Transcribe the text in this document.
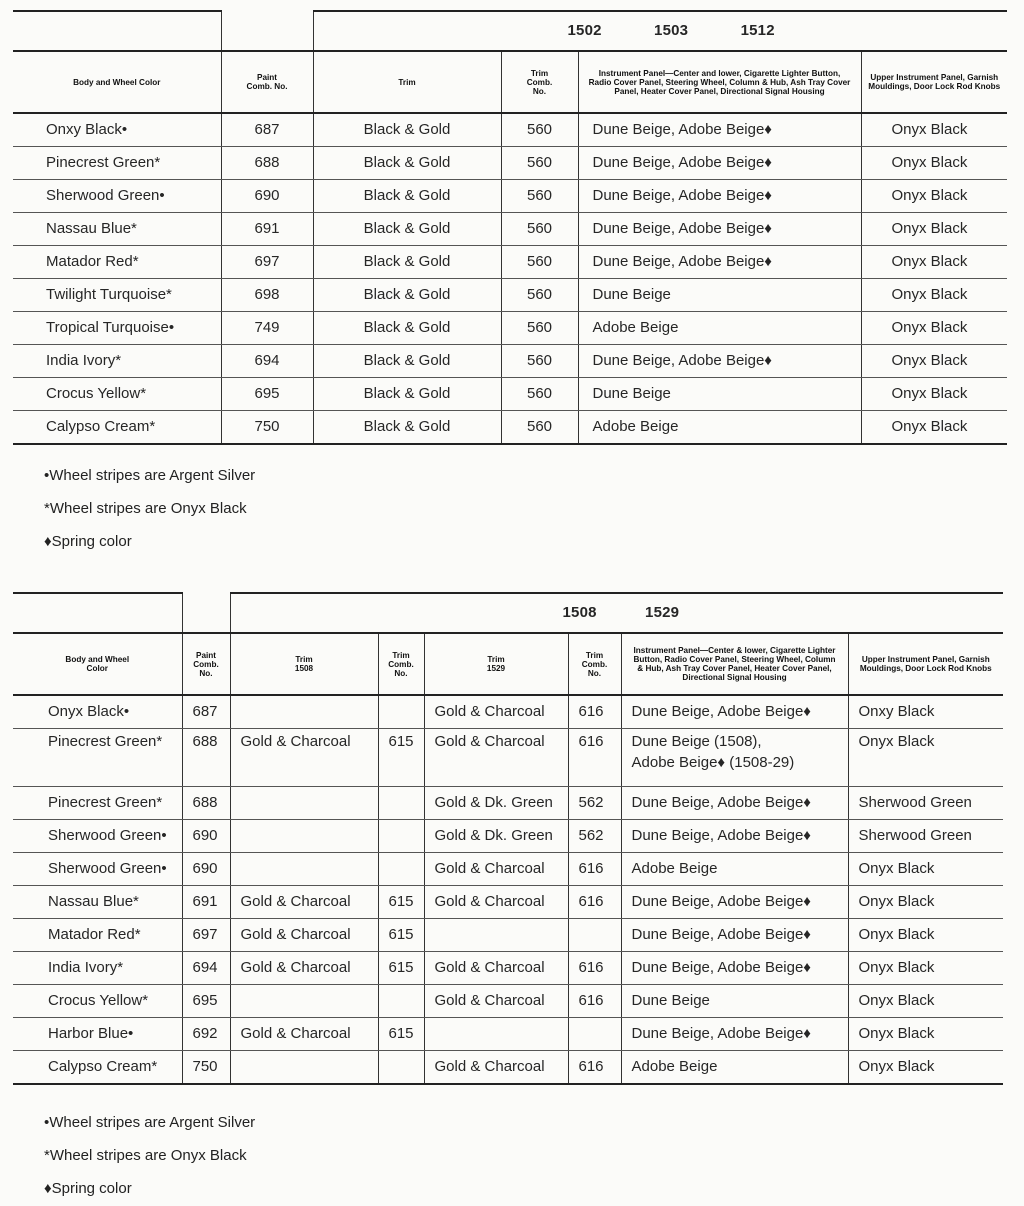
		1502 1503 1512			
Body and Wheel Color	Paint Comb. No.	Trim	Trim Comb. No.	Instrument Panel—Center and lower, Cigarette Lighter Button, Radio Cover Panel, Steering Wheel, Column & Hub, Ash Tray Cover Panel, Heater Cover Panel, Directional Signal Housing	Upper Instrument Panel, Garnish Mouldings, Door Lock Rod Knobs
Onxy Black•	687	Black & Gold	560	Dune Beige, Adobe Beige♦	Onyx Black
Pinecrest Green*	688	Black & Gold	560	Dune Beige, Adobe Beige♦	Onyx Black
Sherwood Green•	690	Black & Gold	560	Dune Beige, Adobe Beige♦	Onyx Black
Nassau Blue*	691	Black & Gold	560	Dune Beige, Adobe Beige♦	Onyx Black
Matador Red*	697	Black & Gold	560	Dune Beige, Adobe Beige♦	Onyx Black
Twilight Turquoise*	698	Black & Gold	560	Dune Beige	Onyx Black
Tropical Turquoise•	749	Black & Gold	560	Adobe Beige	Onyx Black
India Ivory*	694	Black & Gold	560	Dune Beige, Adobe Beige♦	Onyx Black
Crocus Yellow*	695	Black & Gold	560	Dune Beige	Onyx Black
Calypso Cream*	750	Black & Gold	560	Adobe Beige	Onyx Black
•Wheel stripes are Argent Silver
*Wheel stripes are Onyx Black
♦Spring color
		1508 1529					
Body and Wheel Color	Paint Comb. No.	Trim 1508	Trim Comb. No.	Trim 1529	Trim Comb. No.	Instrument Panel—Center & lower, Cigarette Lighter Button, Radio Cover Panel, Steering Wheel, Column & Hub, Ash Tray Cover Panel, Heater Cover Panel, Directional Signal Housing	Upper Instrument Panel, Garnish Mouldings, Door Lock Rod Knobs
Onyx Black•	687			Gold & Charcoal	616	Dune Beige, Adobe Beige♦	Onxy Black
Pinecrest Green*	688	Gold & Charcoal	615	Gold & Charcoal	616	Dune Beige (1508),
Adobe Beige♦ (1508-29)	Onyx Black
Pinecrest Green*	688			Gold & Dk. Green	562	Dune Beige, Adobe Beige♦	Sherwood Green
Sherwood Green•	690			Gold & Dk. Green	562	Dune Beige, Adobe Beige♦	Sherwood Green
Sherwood Green•	690			Gold & Charcoal	616	Adobe Beige	Onyx Black
Nassau Blue*	691	Gold & Charcoal	615	Gold & Charcoal	616	Dune Beige, Adobe Beige♦	Onyx Black
Matador Red*	697	Gold & Charcoal	615			Dune Beige, Adobe Beige♦	Onyx Black
India Ivory*	694	Gold & Charcoal	615	Gold & Charcoal	616	Dune Beige, Adobe Beige♦	Onyx Black
Crocus Yellow*	695			Gold & Charcoal	616	Dune Beige	Onyx Black
Harbor Blue•	692	Gold & Charcoal	615			Dune Beige, Adobe Beige♦	Onyx Black
Calypso Cream*	750			Gold & Charcoal	616	Adobe Beige	Onyx Black
•Wheel stripes are Argent Silver
*Wheel stripes are Onyx Black
♦Spring color
